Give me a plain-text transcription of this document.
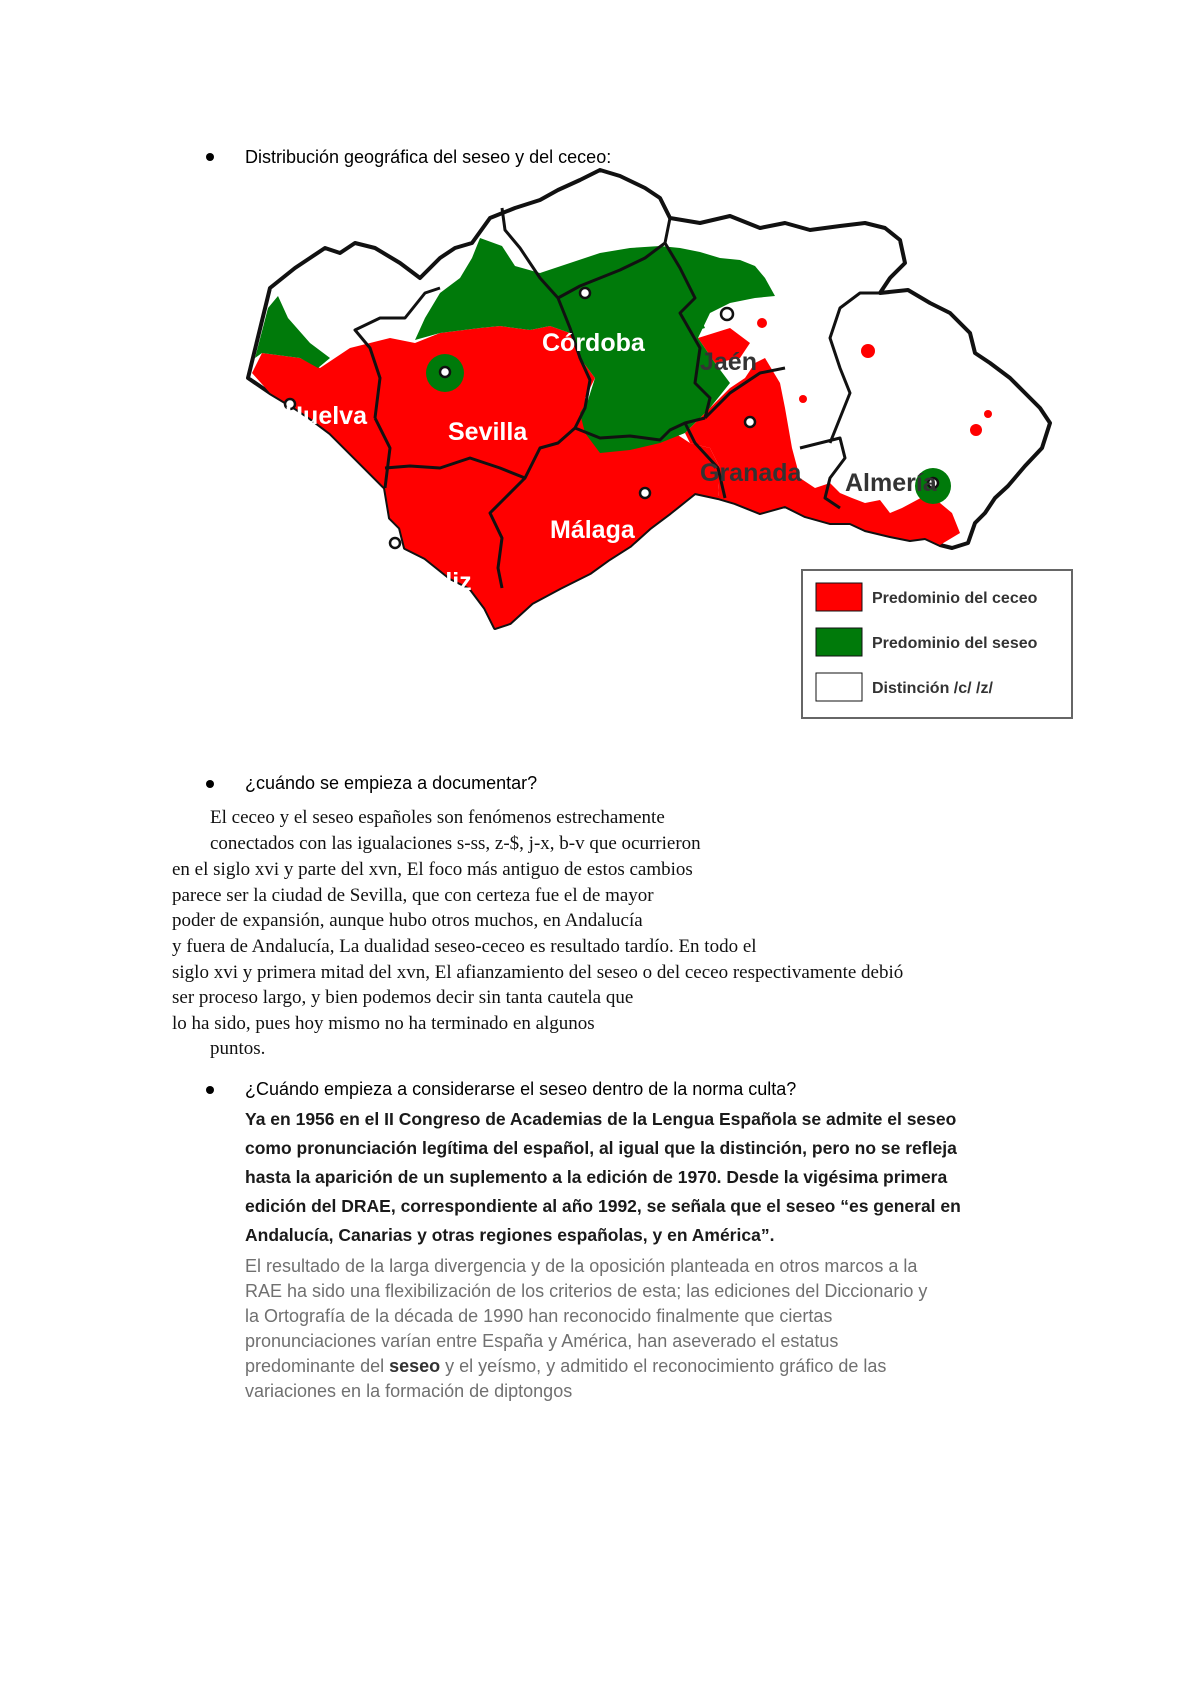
Distribución geográfica del seseo y del ceceo:
Córdoba
Jaén
Huelva
Sevilla
Granada Almería
Málaga
Cádiz
Predominio del ceceo
Predominio del seseo
Distinción /c/ /z/
¿cuándo se empieza a documentar?
El ceceo y el seseo españoles son fenómenos estrechamente
conectados con las igualaciones s-ss, z-$, j-x, b-v que ocurrieron
en el siglo xvi y parte del xvn, El foco más antiguo de estos cambios
parece ser la ciudad de Sevilla, que con certeza fue el de mayor
poder de expansión, aunque hubo otros muchos, en Andalucía
y fuera de Andalucía, La dualidad seseo-ceceo es resultado tardío. En todo el
siglo xvi y primera mitad del xvn, El afianzamiento del seseo o del ceceo respectivamente debió
ser proceso largo, y bien podemos decir sin tanta cautela que
lo ha sido, pues hoy mismo no ha terminado en algunos
puntos.
¿Cuándo empieza a considerarse el seseo dentro de la norma culta?
Ya en 1956 en el II Congreso de Academias de la Lengua Española se admite el seseo
como pronunciación legítima del español, al igual que la distinción, pero no se refleja
hasta la aparición de un suplemento a la edición de 1970. Desde la vigésima primera
edición del DRAE, correspondiente al año 1992, se señala que el seseo “es general en
Andalucía, Canarias y otras regiones españolas, y en América”.
El resultado de la larga divergencia y de la oposición planteada en otros marcos a la
RAE ha sido una flexibilización de los criterios de esta; las ediciones del Diccionario y
la Ortografía de la década de 1990 han reconocido finalmente que ciertas
pronunciaciones varían entre España y América, han aseverado el estatus
predominante del seseo y el yeísmo, y admitido el reconocimiento gráfico de las
variaciones en la formación de diptongos
